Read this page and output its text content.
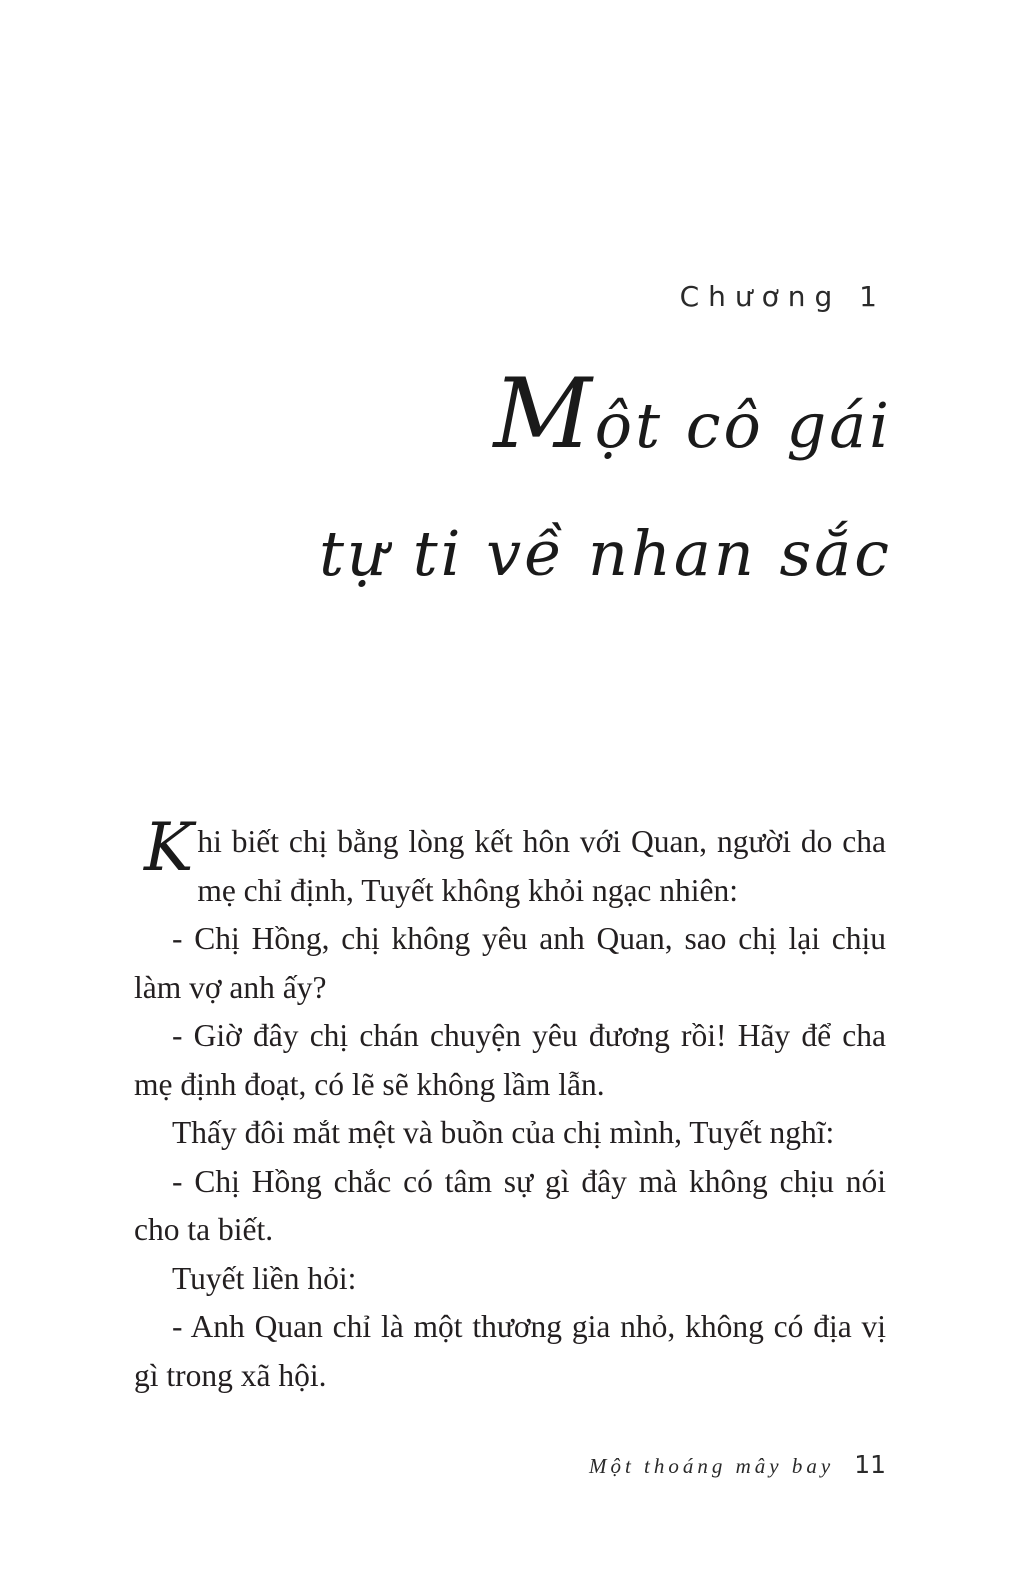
Chương 1
Một cô gái
tự ti về nhan sắc

Khi biết chị bằng lòng kết hôn với Quan, người do cha mẹ chỉ định, Tuyết không khỏi ngạc nhiên:

- Chị Hồng, chị không yêu anh Quan, sao chị lại chịu làm vợ anh ấy?

- Giờ đây chị chán chuyện yêu đương rồi! Hãy để cha mẹ định đoạt, có lẽ sẽ không lầm lẫn.

Thấy đôi mắt mệt và buồn của chị mình, Tuyết nghĩ:

- Chị Hồng chắc có tâm sự gì đây mà không chịu nói cho ta biết.

Tuyết liền hỏi:

- Anh Quan chỉ là một thương gia nhỏ, không có địa vị gì trong xã hội.

Một thoáng mây bay 11
